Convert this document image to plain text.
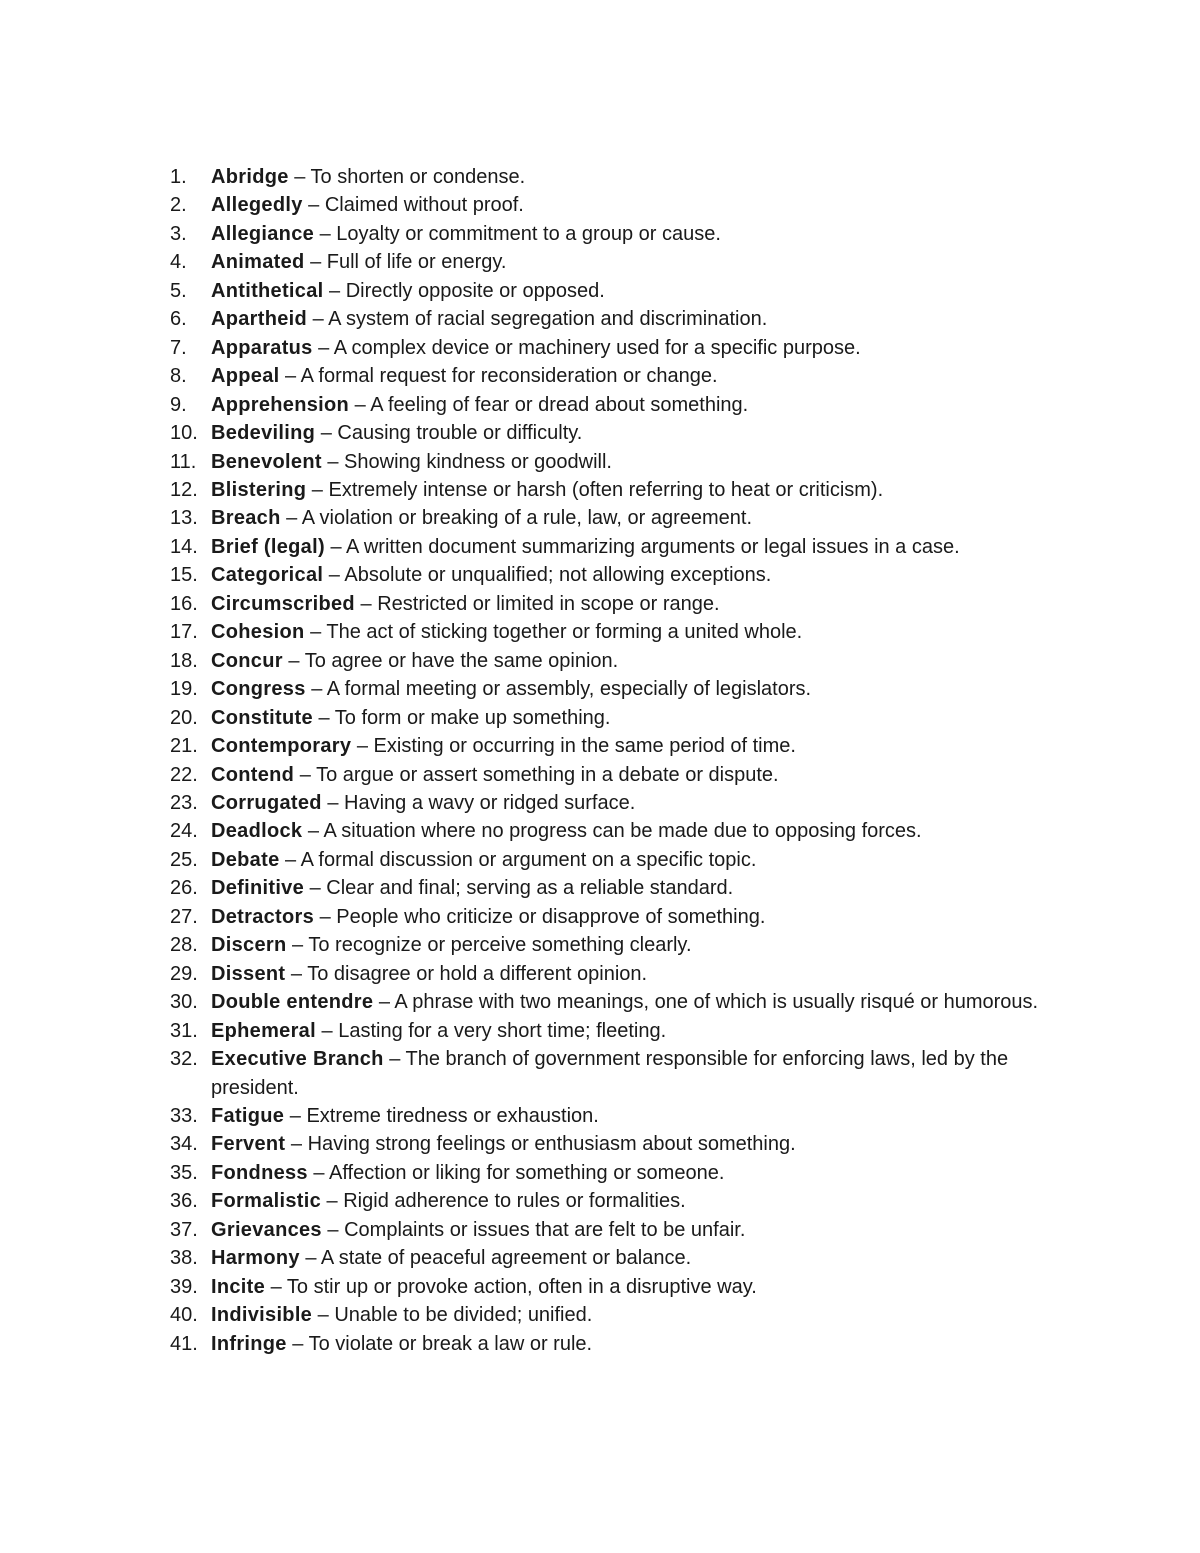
1.	Abridge – To shorten or condense.
2.	Allegedly – Claimed without proof.
3.	Allegiance – Loyalty or commitment to a group or cause.
4.	Animated – Full of life or energy.
5.	Antithetical – Directly opposite or opposed.
6.	Apartheid – A system of racial segregation and discrimination.
7.	Apparatus – A complex device or machinery used for a specific purpose.
8.	Appeal – A formal request for reconsideration or change.
9.	Apprehension – A feeling of fear or dread about something.
10. Bedeviling – Causing trouble or difficulty.
11. Benevolent – Showing kindness or goodwill.
12. Blistering – Extremely intense or harsh (often referring to heat or criticism).
13. Breach – A violation or breaking of a rule, law, or agreement.
14. Brief (legal) – A written document summarizing arguments or legal issues in a case.
15. Categorical – Absolute or unqualified; not allowing exceptions.
16. Circumscribed – Restricted or limited in scope or range.
17. Cohesion – The act of sticking together or forming a united whole.
18. Concur – To agree or have the same opinion.
19. Congress – A formal meeting or assembly, especially of legislators.
20. Constitute – To form or make up something.
21. Contemporary – Existing or occurring in the same period of time.
22. Contend – To argue or assert something in a debate or dispute.
23. Corrugated – Having a wavy or ridged surface.
24. Deadlock – A situation where no progress can be made due to opposing forces.
25. Debate – A formal discussion or argument on a specific topic.
26. Definitive – Clear and final; serving as a reliable standard.
27. Detractors – People who criticize or disapprove of something.
28. Discern – To recognize or perceive something clearly.
29. Dissent – To disagree or hold a different opinion.
30. Double entendre – A phrase with two meanings, one of which is usually risqué or humorous.
31. Ephemeral – Lasting for a very short time; fleeting.
32. Executive Branch – The branch of government responsible for enforcing laws, led by the president.
33. Fatigue – Extreme tiredness or exhaustion.
34. Fervent – Having strong feelings or enthusiasm about something.
35. Fondness – Affection or liking for something or someone.
36. Formalistic – Rigid adherence to rules or formalities.
37. Grievances – Complaints or issues that are felt to be unfair.
38. Harmony – A state of peaceful agreement or balance.
39. Incite – To stir up or provoke action, often in a disruptive way.
40. Indivisible – Unable to be divided; unified.
41. Infringe – To violate or break a law or rule.
